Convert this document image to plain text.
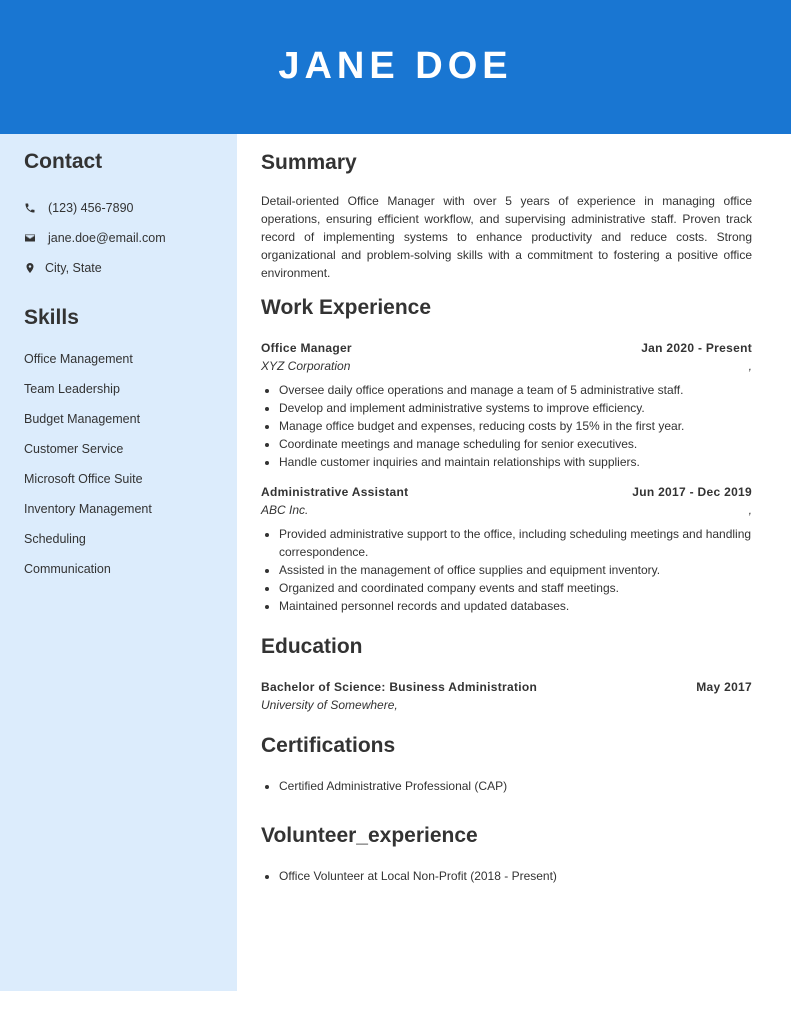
JANE DOE
Contact
(123) 456-7890
jane.doe@email.com
City, State
Skills
Office Management
Team Leadership
Budget Management
Customer Service
Microsoft Office Suite
Inventory Management
Scheduling
Communication
Summary

Detail-oriented Office Manager with over 5 years of experience in managing office operations, ensuring efficient workflow, and supervising administrative staff. Proven track record of implementing systems to enhance productivity and reduce costs. Strong organizational and problem-solving skills with a commitment to fostering a positive office environment.

Work Experience
Office Manager	Jan 2020 - Present
XYZ Corporation	,
• Oversee daily office operations and manage a team of 5 administrative staff.
• Develop and implement administrative systems to improve efficiency.
• Manage office budget and expenses, reducing costs by 15% in the first year.
• Coordinate meetings and manage scheduling for senior executives.
• Handle customer inquiries and maintain relationships with suppliers.
Administrative Assistant	Jun 2017 - Dec 2019
ABC Inc.	,
• Provided administrative support to the office, including scheduling meetings and handling correspondence.
• Assisted in the management of office supplies and equipment inventory.
• Organized and coordinated company events and staff meetings.
• Maintained personnel records and updated databases.
Education
Bachelor of Science: Business Administration	May 2017
University of Somewhere,
Certifications
• Certified Administrative Professional (CAP)
Volunteer_experience
• Office Volunteer at Local Non-Profit (2018 - Present)
